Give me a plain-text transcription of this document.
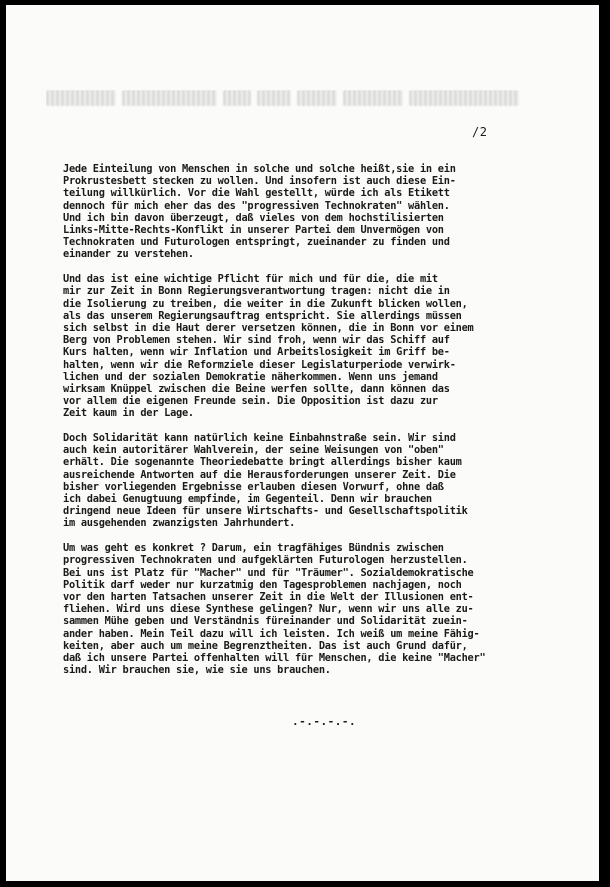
/2
Jede Einteilung von Menschen in solche und solche heißt,sie in ein
Prokrustesbett stecken zu wollen. Und insofern ist auch diese Ein-
teilung willkürlich. Vor die Wahl gestellt, würde ich als Etikett
dennoch für mich eher das des "progressiven Technokraten" wählen.
Und ich bin davon überzeugt, daß vieles von dem hochstilisierten
Links-Mitte-Rechts-Konflikt in unserer Partei dem Unvermögen von
Technokraten und Futurologen entspringt, zueinander zu finden und
einander zu verstehen.
Und das ist eine wichtige Pflicht für mich und für die, die mit
mir zur Zeit in Bonn Regierungsverantwortung tragen: nicht die in
die Isolierung zu treiben, die weiter in die Zukunft blicken wollen,
als das unserem Regierungsauftrag entspricht. Sie allerdings müssen
sich selbst in die Haut derer versetzen können, die in Bonn vor einem
Berg von Problemen stehen. Wir sind froh, wenn wir das Schiff auf
Kurs halten, wenn wir Inflation und Arbeitslosigkeit im Griff be-
halten, wenn wir die Reformziele dieser Legislaturperiode verwirk-
lichen und der sozialen Demokratie näherkommen. Wenn uns jemand
wirksam Knüppel zwischen die Beine werfen sollte, dann können das
vor allem die eigenen Freunde sein. Die Opposition ist dazu zur
Zeit kaum in der Lage.
Doch Solidarität kann natürlich keine Einbahnstraße sein. Wir sind
auch kein autoritärer Wahlverein, der seine Weisungen von "oben"
erhält. Die sogenannte Theoriedebatte bringt allerdings bisher kaum
ausreichende Antworten auf die Herausforderungen unserer Zeit. Die
bisher vorliegenden Ergebnisse erlauben diesen Vorwurf, ohne daß
ich dabei Genugtuung empfinde, im Gegenteil. Denn wir brauchen
dringend neue Ideen für unsere Wirtschafts- und Gesellschaftspolitik
im ausgehenden zwanzigsten Jahrhundert.
Um was geht es konkret ? Darum, ein tragfähiges Bündnis zwischen
progressiven Technokraten und aufgeklärten Futurologen herzustellen.
Bei uns ist Platz für "Macher" und für "Träumer". Sozialdemokratische
Politik darf weder nur kurzatmig den Tagesproblemen nachjagen, noch
vor den harten Tatsachen unserer Zeit in die Welt der Illusionen ent-
fliehen. Wird uns diese Synthese gelingen? Nur, wenn wir uns alle zu-
sammen Mühe geben und Verständnis füreinander und Solidarität zuein-
ander haben. Mein Teil dazu will ich leisten. Ich weiß um meine Fähig-
keiten, aber auch um meine Begrenztheiten. Das ist auch Grund dafür,
daß ich unsere Partei offenhalten will für Menschen, die keine "Macher"
sind. Wir brauchen sie, wie sie uns brauchen.
.-.-.-.-.
